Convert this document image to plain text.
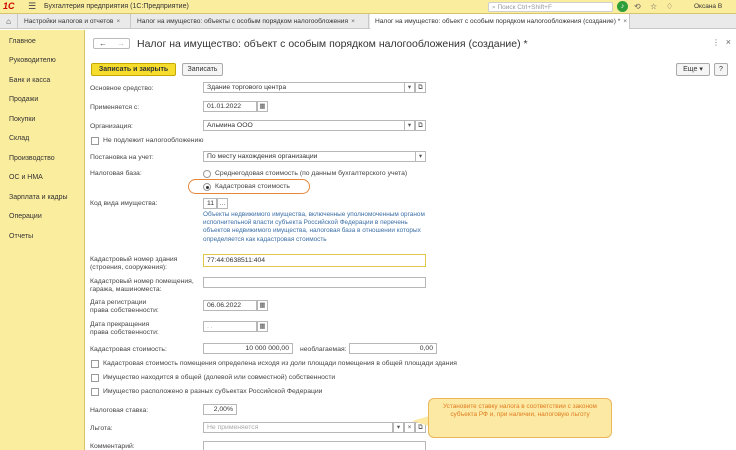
1С ☰ Бухгалтерия предприятия (1С:Предприятие)	⌕ Поиск Ctrl+Shift+F	♪	⟲ ☆ ♢	Оксана В
⌂	Настройки налогов и отчетов ×	Налог на имущество: объекты с особым порядком налогообложения ×	Налог на имущество: объект с особым порядком налогообложения (создание) * ×
Главное
Руководителю
Банк и касса
Продажи
Покупки
Склад
Производство
ОС и НМА
Зарплата и кадры
Операции
Отчеты
←	→	Налог на имущество: объект с особым порядком налогообложения (создание) *	⋮ ×
Записать и закрыть	Записать	Еще ▾	?
Основное средство:	Здание торгового центра	▾	⧉
Применяется с:	01.01.2022	▦
Организация:	Альмина ООО	▾	⧉
Не подлежит налогообложению
Постановка на учет:	По месту нахождения организации	▾
Налоговая база:	Среднегодовая стоимость (по данным бухгалтерского учета)
Кадастровая стоимость
Код вида имущества:	11 …
Объекты недвижимого имущества, включенные уполномоченным органом исполнительной власти субъекта Российской Федерации в перечень объектов недвижимого имущества, налоговая база в отношении которых определяется как кадастровая стоимость
Кадастровый номер здания
(строения, сооружения):
77:44:0638511:404
Кадастровый номер помещения,
гаража, машиноместа:
Дата регистрации
права собственности:
06.06.2022	▦
Дата прекращения
права собственности:
. .	▦
Кадастровая стоимость:	10 000 000,00	необлагаемая:	0,00
Кадастровая стоимость помещения определена исходя из доли площади помещения в общей площади здания
Имущество находится в общей (долевой или совместной) собственности
Имущество расположено в разных субъектах Российской Федерации
Налоговая ставка:	2,00%
Льгота:	Не применяется	▾	×	⧉
Комментарий:
Установите ставку налога в соответствии с законом субъекта РФ и, при наличии, налоговую льготу
